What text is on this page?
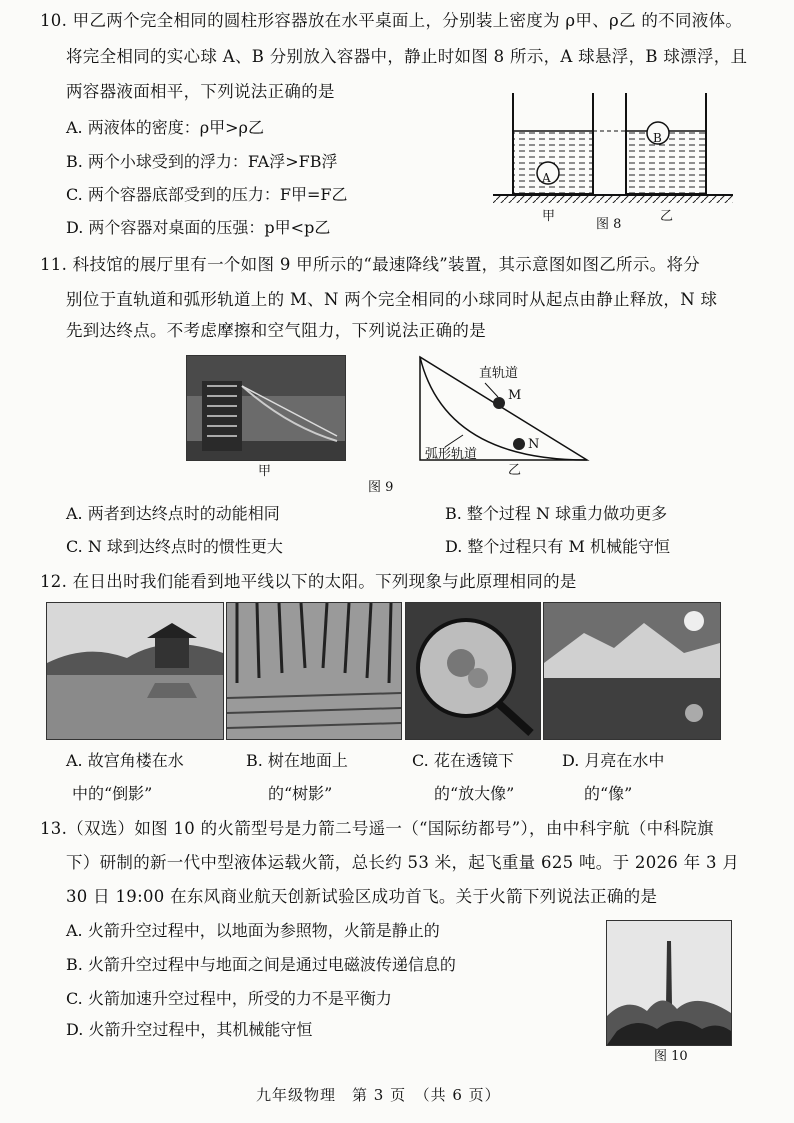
10. 甲乙两个完全相同的圆柱形容器放在水平桌面上，分别装上密度为 ρ甲、ρ乙 的不同液体。
将完全相同的实心球 A、B 分别放入容器中，静止时如图 8 所示，A 球悬浮，B 球漂浮，且
两容器液面相平，下列说法正确的是
A. 两液体的密度：ρ甲>ρ乙
B. 两个小球受到的浮力：FA浮>FB浮
C. 两个容器底部受到的压力：F甲=F乙
D. 两个容器对桌面的压强：p甲<p乙
A
B
甲
图 8
乙
11. 科技馆的展厅里有一个如图 9 甲所示的“最速降线”装置，其示意图如图乙所示。将分
别位于直轨道和弧形轨道上的 M、N 两个完全相同的小球同时从起点由静止释放，N 球
先到达终点。不考虑摩擦和空气阻力，下列说法正确的是
甲
直轨道
M
N
弧形轨道
乙
图 9
A. 两者到达终点时的动能相同	B. 整个过程 N 球重力做功更多
C. N 球到达终点时的惯性更大	D. 整个过程只有 M 机械能守恒
12. 在日出时我们能看到地平线以下的太阳。下列现象与此原理相同的是
A. 故宫角楼在水
中的“倒影”
B. 树在地面上
的“树影”
C. 花在透镜下
的“放大像”
D. 月亮在水中
的“像”
13.（双选）如图 10 的火箭型号是力箭二号遥一（“国际纺都号”），由中科宇航（中科院旗
下）研制的新一代中型液体运载火箭，总长约 53 米，起飞重量 625 吨。于 2026 年 3 月
30 日 19:00 在东风商业航天创新试验区成功首飞。关于火箭下列说法正确的是
A. 火箭升空过程中，以地面为参照物，火箭是静止的
B. 火箭升空过程中与地面之间是通过电磁波传递信息的
C. 火箭加速升空过程中，所受的力不是平衡力
D. 火箭升空过程中，其机械能守恒
图 10
九年级物理　第 3 页　（共 6 页）
